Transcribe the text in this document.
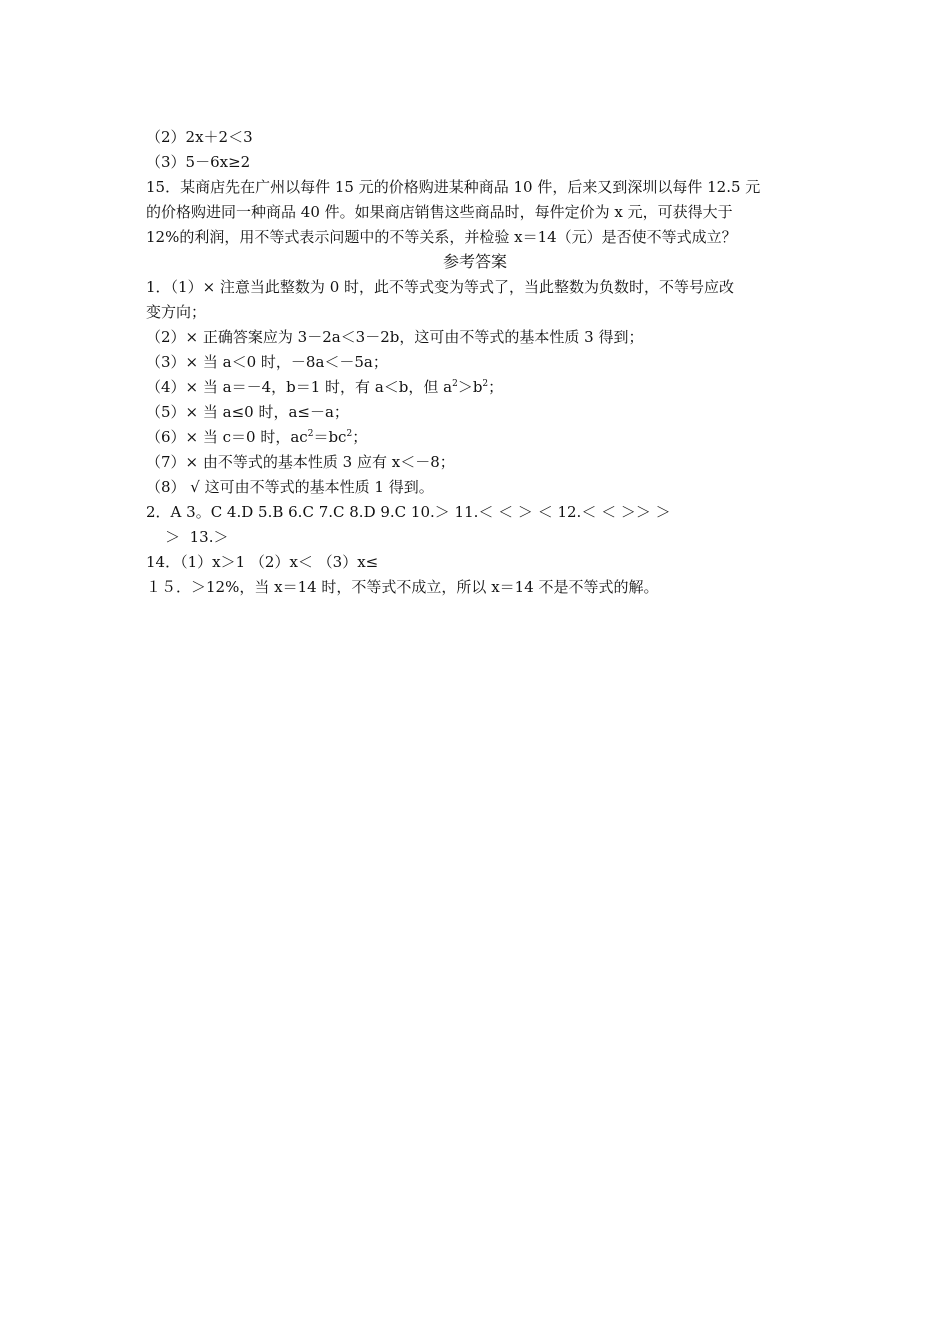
（2）2x＋2＜3
（3）5－6x≥2
15．某商店先在广州以每件 15 元的价格购进某种商品 10 件，后来又到深圳以每件 12.5 元
的价格购进同一种商品 40 件。如果商店销售这些商品时，每件定价为 x 元，可获得大于
12%的利润，用不等式表示问题中的不等关系，并检验 x＝14（元）是否使不等式成立？
参考答案
1．（1）× 注意当此整数为 0 时，此不等式变为等式了，当此整数为负数时，不等号应改
变方向；
（2）× 正确答案应为 3－2a＜3－2b，这可由不等式的基本性质 3 得到；
（3）× 当 a＜0 时，－8a＜－5a；
（4）× 当 a＝－4，b＝1 时，有 a＜b，但 $a^2>b^2$；
（5）× 当 a≤0 时，a≤－a；
（6）× 当 c＝0 时，$ac^2=bc^2$；
（7）× 由不等式的基本性质 3 应有 x＜－8；
（8） √ 这可由不等式的基本性质 1 得到。
2．A 3。C 4.D 5.B 6.C 7.C 8.D 9.C 10.＞ 11.＜ ＜ ＞ ＜ 12.＜ ＜ ＞＞ ＞
＞  13.＞
14．（1）x＞1 （2）x＜ （3）x≤
１５．＞12%，当 x＝14 时，不等式不成立，所以 x＝14 不是不等式的解。
